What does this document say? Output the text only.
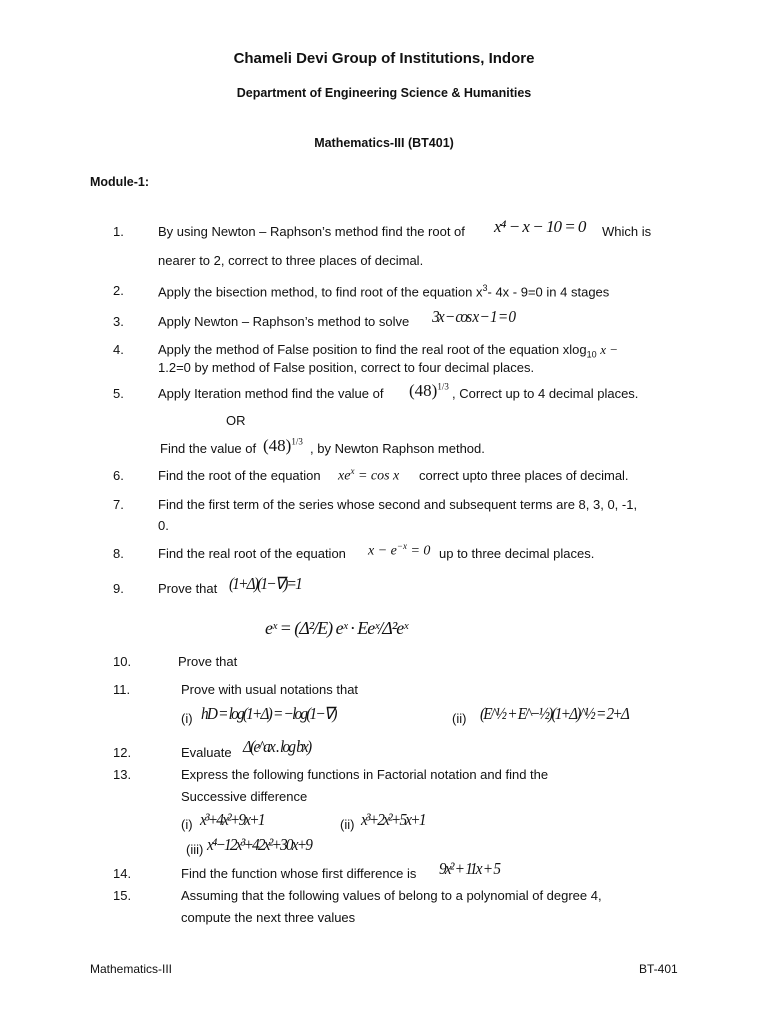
Chameli Devi Group of Institutions, Indore
Department of Engineering Science & Humanities
Mathematics-III (BT401)
Module-1:
1.	By using Newton – Raphson’s method find the root of x⁴ − x − 10 = 0 Which is
nearer to 2, correct to three places of decimal.
2.	Apply the bisection method, to find root of the equation $x^3-$ 4x - 9=0 in 4 stages
3.	Apply Newton – Raphson’s method to solve 3x − cos x − 1 = 0
4.	Apply the method of False position to find the real root of the equation xlog$_{10}$ x −
1.2=0 by method of False position, correct to four decimal places.
5.	Apply Iteration method find the value of $(48)^{1/3}$ , Correct up to 4 decimal places.
OR
Find the value of $(48)^{1/3}$ , by Newton Raphson method.
6.	Find the root of the equation $xe^x = \cos x$ correct upto three places of decimal.
7.	Find the first term of the series whose second and subsequent terms are 8, 3, 0, -1,
0.
8.	Find the real root of the equation $x - e^{-x} = 0$ up to three decimal places.
9.	Prove that (1+Δ)(1−∇)=1
eˣ = (Δ²/E) eˣ · Eeˣ/Δ²eˣ
10.	Prove that
11.	Prove with usual notations that
(i) hD = log(1+Δ) = −log(1−∇)	(ii) (E^½ + E^−½)(1+Δ)^½ = 2+Δ
12.	Evaluate Δ(e^ax . log bx)
13.	Express the following functions in Factorial notation and find the
Successive difference
(i) x³+4x²+9x+1	(ii) x³+2x²+5x+1
(iii) x⁴−12x³+42x²+30x+9
14.	Find the function whose first difference is 9x² + 11x + 5
15.	Assuming that the following values of belong to a polynomial of degree 4,
compute the next three values
Mathematics-III	BT-401
